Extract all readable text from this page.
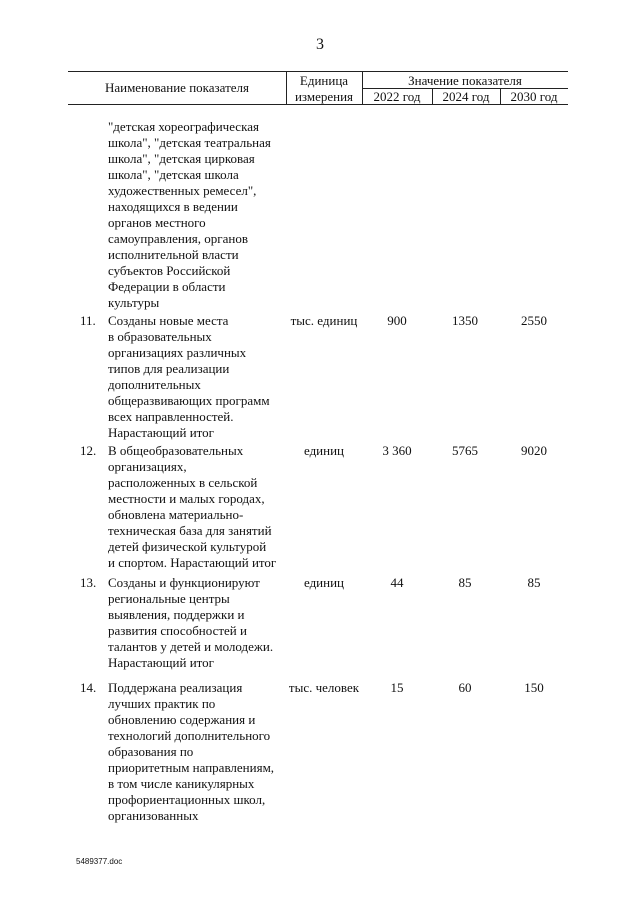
3
Наименование показателя	Единица
измерения
Значение показателя
2022 год	2024 год	2030 год
"детская хореографическая
школа", "детская театральная
школа", "детская цирковая
школа", "детская школа
художественных ремесел",
находящихся в ведении
органов местного
самоуправления, органов
исполнительной власти
субъектов Российской
Федерации в области
культуры
11. Созданы новые места
в образовательных
организациях различных
типов для реализации
дополнительных
общеразвивающих программ
всех направленностей.
Нарастающий итог
тыс. единиц	900	1350	2550
12. В общеобразовательных
организациях,
расположенных в сельской
местности и малых городах,
обновлена материально-
техническая база для занятий
детей физической культурой
и спортом. Нарастающий итог
единиц	3 360	5765	9020
13. Созданы и функционируют
региональные центры
выявления, поддержки и
развития способностей и
талантов у детей и молодежи.
Нарастающий итог
единиц	44	85	85
14. Поддержана реализация
лучших практик по
обновлению содержания и
технологий дополнительного
образования по
приоритетным направлениям,
в том числе каникулярных
профориентационных школ,
организованных
тыс. человек	15	60	150
5489377.doc
